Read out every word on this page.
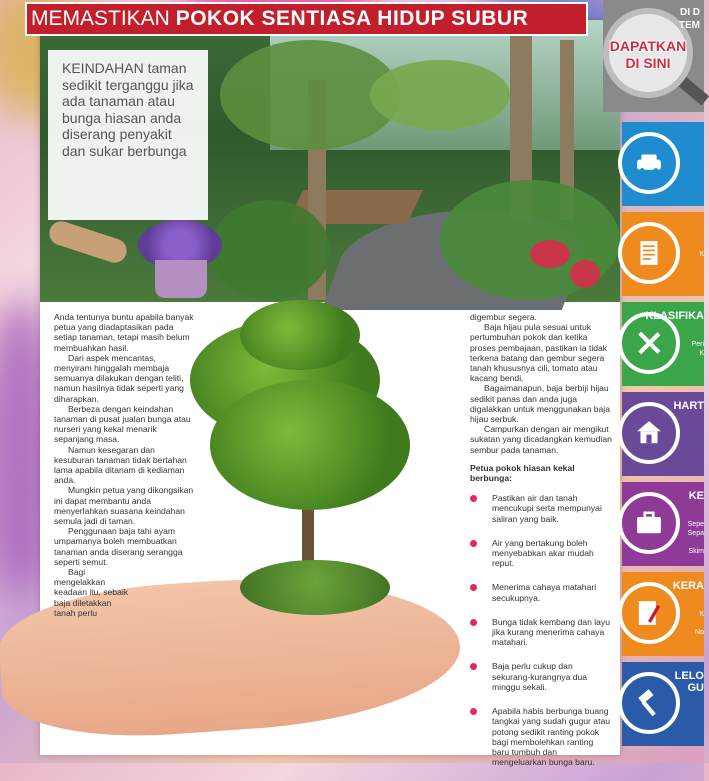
KEINDAHAN taman sedikit terganggu jika ada tanaman atau bunga hiasan anda diserang penyakit dan sukar berbunga

Anda tentunya buntu apabila banyak petua yang diadaptasikan pada setiap tanaman, tetapi masih belum membuahkan hasil.

Dari aspek mencantas, menyiram hinggalah membaja semuanya dilakukan dengan teliti, namun hasilnya tidak seperti yang diharapkan.

Berbeza dengan keindahan tanaman di pusat jualan bunga atau nurseri yang kekal menarik sepanjang masa.

Namun kesegaran dan kesuburan tanaman tidak bertahan lama apabila ditanam di kediaman anda.

Mungkin petua yang dikongsikan ini dapat membantu anda menyerlahkan suasana keindahan semula jadi di taman.

Penggunaan baja tahi ayam umpamanya boleh membuatkan tanaman anda diserang serangga seperti semut.

Bagi mengelakkan keadaan itu, sebaik baja diletakkan tanah perlu

digembur segera.

Baja hijau pula sesuai untuk pertumbuhan pokok dan ketika proses pembajaan, pastikan ia tidak terkena batang dan gembur segera tanah khususnya cili, tomato atau kacang bendi.

Bagaimanapun, baja berbiji hijau sedikit panas dan anda juga digalakkan untuk menggunakan baja hijau serbuk.

Campurkan dengan air mengikut sukatan yang dicadangkan kemudian sembur pada tanaman.

Petua pokok hiasan kekal berbunga:
Pastikan air dan tanah mencukupi serta mempunyai saliran yang baik.
Air yang bertakung boleh menyebabkan akar mudah reput.
Menerima cahaya matahari secukupnya.
Bunga tidak kembang dan layu jika kurang menerima cahaya matahari.
Baja perlu cukup dan sekurang-kurangnya dua minggu sekali.
Apabila habis berbunga buang tangkai yang sudah gugur atau potong sedikit ranting pokok bagi membolehkan ranting baru tumbuh dan mengeluarkan bunga baru.
MEMASTIKAN POKOK SENTIASA HIDUP SUBUR	DI D
TEM
DAPATKAN
DI SINI
K
KLASIFIKA
Peri
K
HART
KE
Sepe
Sepa

Skim
KERA
K

No
LELO
GU
